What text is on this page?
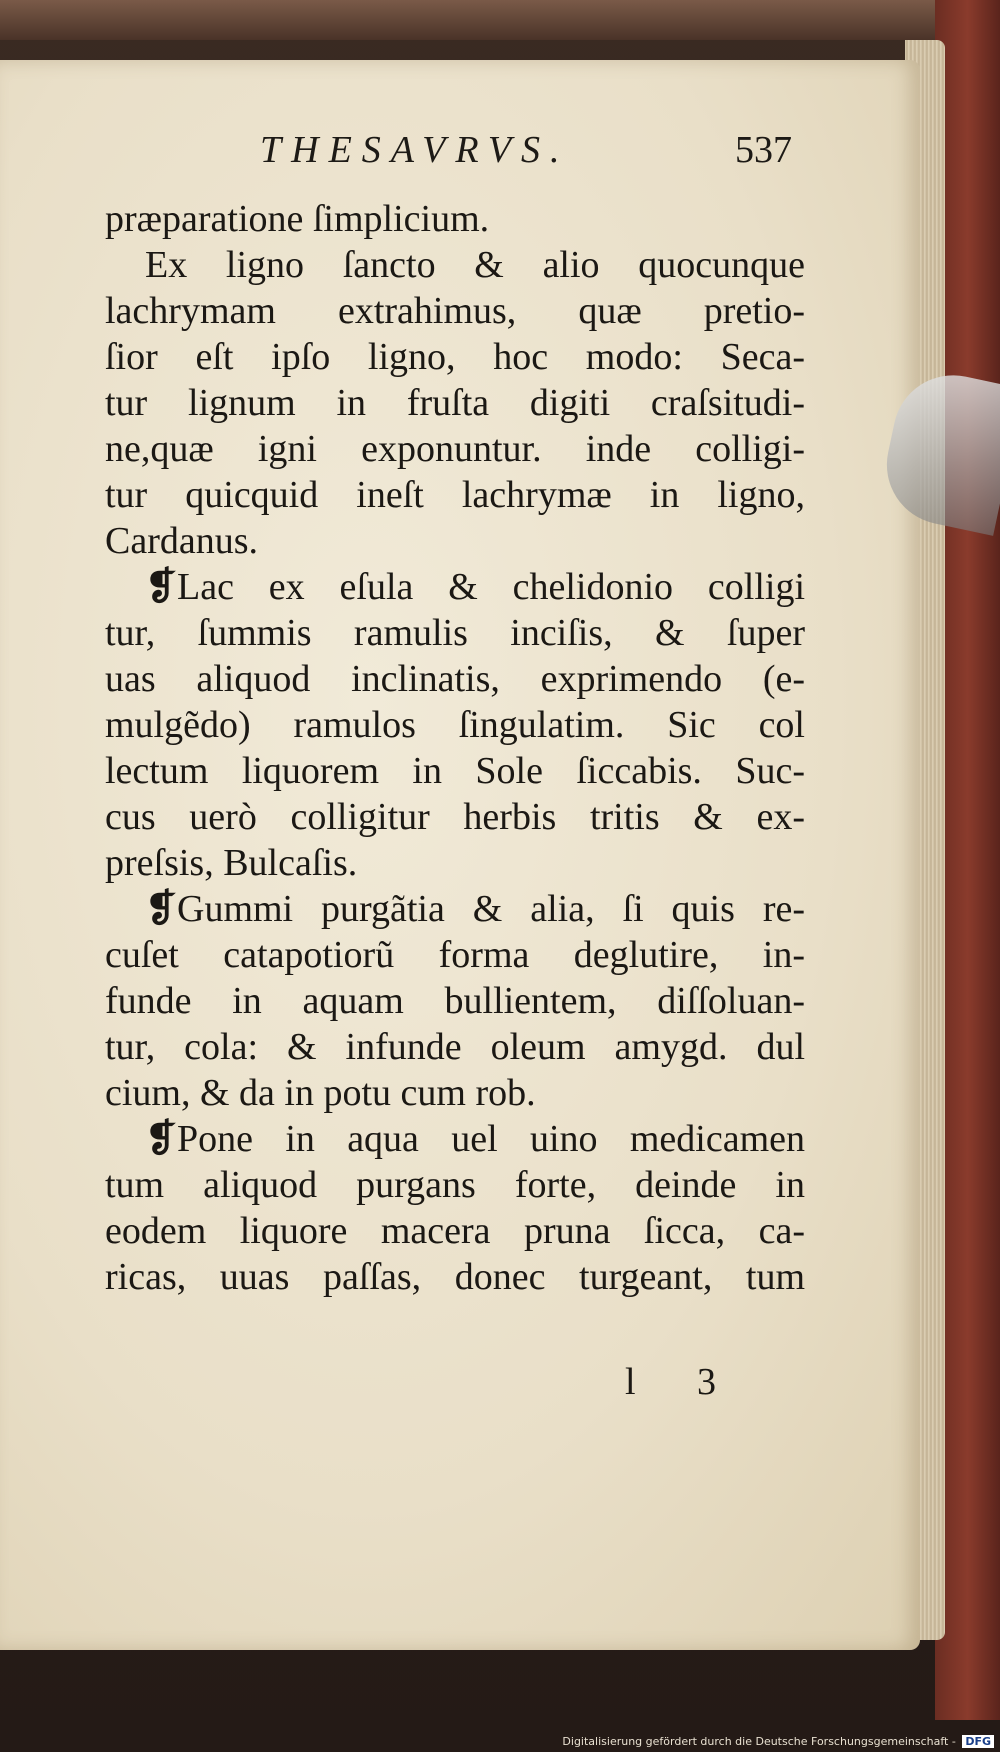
THESAVRVS.	537
præparatione ſimplicium.
Ex ligno ſancto & alio quocunque
lachrymam extrahimus, quæ pretio-
ſior eſt ipſo ligno, hoc modo: Seca-
tur lignum in fruſta digiti craſsitudi-
ne,quæ igni exponuntur. inde colligi-
tur quicquid ineſt lachrymæ in ligno,
Cardanus.
❡Lac ex eſula & chelidonio colligi
tur, ſummis ramulis inciſis, & ſuper
uas aliquod inclinatis, exprimendo (e-
mulgẽdo) ramulos ſingulatim. Sic col
lectum liquorem in Sole ſiccabis. Suc-
cus uerò colligitur herbis tritis & ex-
preſsis, Bulcaſis.
❡Gummi purgãtia & alia, ſi quis re-
cuſet catapotiorũ forma deglutire, in-
funde in aquam bullientem, diſſoluan-
tur, cola: & infunde oleum amygd. dul
cium, & da in potu cum rob.
❡Pone in aqua uel uino medicamen
tum aliquod purgans forte, deinde in
eodem liquore macera pruna ſicca, ca-
ricas, uuas paſſas, donec turgeant, tum
l 3
Digitalisierung gefördert durch die Deutsche Forschungsgemeinschaft - DFG
